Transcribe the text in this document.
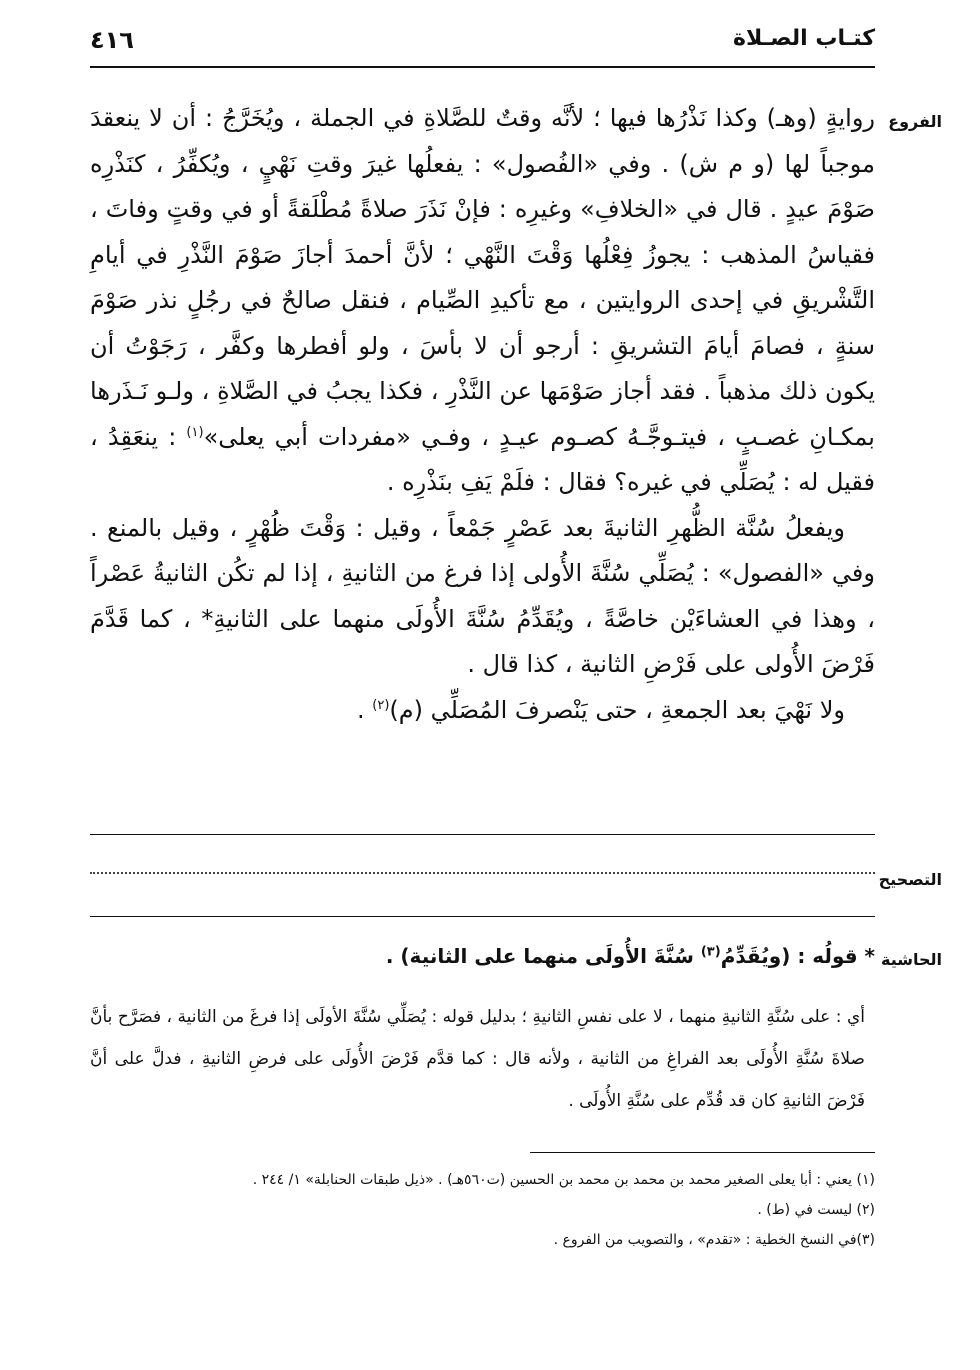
٤١٦	كتـاب الصـلاة
الفروع

روايةٍ (وهـ) وكذا نَذْرُها فيها ؛ لأنَّه وقتٌ للصَّلاةِ في الجملة ، ويُخَرَّجُ : أن لا ينعقدَ موجباً لها (و م ش) . وفي «الفُصول» : يفعلُها غيرَ وقتِ نَهْيٍ ، ويُكفِّرُ ، كنَذْرِه صَوْمَ عيدٍ . قال في «الخلافِ» وغيرِه : فإنْ نَذَرَ صلاةً مُطْلَقةً أو في وقتٍ وفاتَ ، فقياسُ المذهب : يجوزُ فِعْلُها وَقْتَ النَّهْي ؛ لأنَّ أحمدَ أجازَ صَوْمَ النَّذْرِ في أيامِ التَّشْريقِ في إحدى الروايتين ، مع تأكيدِ الصِّيام ، فنقل صالحٌ في رجُلٍ نذر صَوْمَ سنةٍ ، فصامَ أيامَ التشريقِ : أرجو أن لا بأسَ ، ولو أفطرها وكفَّر ، رَجَوْتُ أن يكون ذلك مذهباً . فقد أجاز صَوْمَها عن النَّذْرِ ، فكذا يجبُ في الصَّلاةِ ، ولـو نَـذَرها بمكـانِ غصـبٍ ، فيتـوجَّـهُ كصـوم عيـدٍ ، وفـي «مفردات أبي يعلى»$^{(١)}$ : ينعَقِدُ ، فقيل له : يُصَلِّي في غيره؟ فقال : فلَمْ يَفِ بنَذْرِه .

ويفعلُ سُنَّة الظُّهرِ الثانيةَ بعد عَصْرٍ جَمْعاً ، وقيل : وَقْتَ ظُهْرٍ ، وقيل بالمنع . وفي «الفصول» : يُصَلِّي سُنَّةَ الأُولى إذا فرغ من الثانيةِ ، إذا لم تكُن الثانيةُ عَصْراً ، وهذا في العشاءَيْن خاصَّةً ، ويُقَدِّمُ سُنَّةَ الأُولَى منهما على الثانيةِ* ، كما قَدَّمَ فَرْضَ الأُولى على فَرْضِ الثانية ، كذا قال .

ولا نَهْيَ بعد الجمعةِ ، حتى يَنْصرفَ المُصَلِّي (م)$^{(٢)}$ .

التصحيح
الحاشية
* قولُه : (ويُقَدِّمُ$^{(٣)}$ سُنَّةَ الأُولَى منهما على الثانية) .
أي : على سُنَّةِ الثانيةِ منهما ، لا على نفسِ الثانيةِ ؛ بدليل قوله : يُصَلِّي سُنَّةَ الأولَى إذا فرغَ من الثانية ، فصَرَّح بأنَّ صلاةَ سُنَّةِ الأُولَى بعد الفراغِ من الثانية ، ولأنه قال : كما قدَّم فَرْضَ الأُولَى على فرضِ الثانيةِ ، فدلَّ على أنَّ فَرْضَ الثانيةِ كان قد قُدِّم على سُنَّةِ الأُولَى .
(١) يعني : أبا يعلى الصغير محمد بن محمد بن محمد بن الحسين (ت٥٦٠هـ) . «ذيل طبقات الحنابلة» ١/ ٢٤٤ .
(٢) ليست في (ط) .
(٣)في النسخ الخطية : «تقدم» ، والتصويب من الفروع .
